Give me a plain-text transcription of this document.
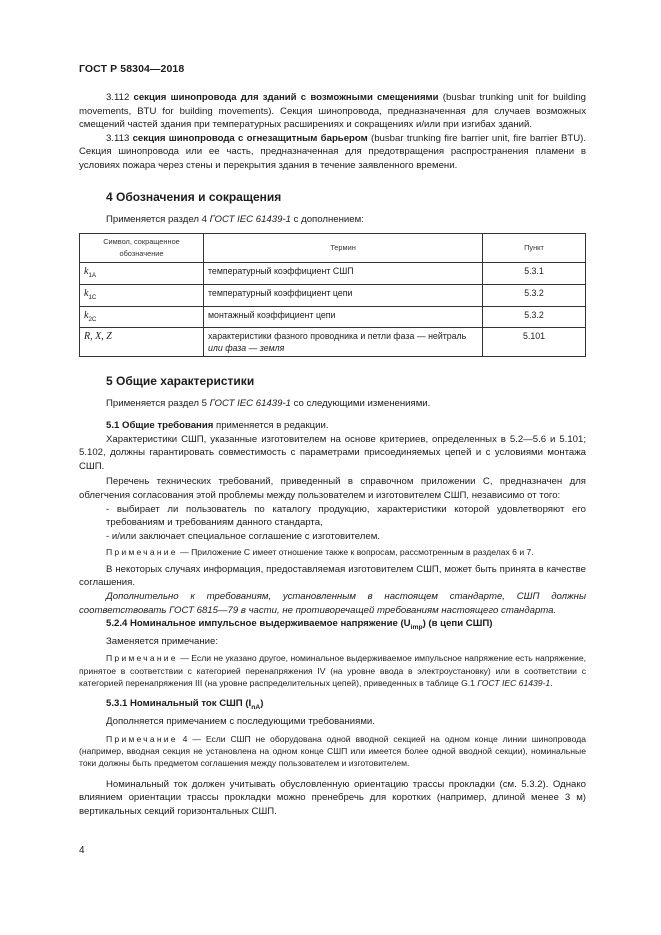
ГОСТ Р 58304—2018

3.112 секция шинопровода для зданий с возможными смещениями (busbar trunking unit for building movements, BTU for building movements). Секция шинопровода, предназначенная для случаев возможных смещений частей здания при температурных расширениях и сокращениях и/или при изгибах зданий.

3.113 секция шинопровода с огнезащитным барьером (busbar trunking fire barrier unit, fire barrier BTU). Секция шинопровода или ее часть, предназначенная для предотвращения распространения пламени в условиях пожара через стены и перекрытия здания в течение заявленного времени.

4 Обозначения и сокращения

Применяется раздел 4 ГОСТ IEC 61439-1 с дополнением:

Символ, сокращенное обозначение	Термин	Пункт
$k_{1A}$	температурный коэффициент СШП	5.3.1
$k_{1C}$	температурный коэффициент цепи	5.3.2
$k_{2C}$	монтажный коэффициент цепи	5.3.2
R, X, Z	характеристики фазного проводника и петли фаза — нейтраль или фаза — земля	5.101
5 Общие характеристики

Применяется раздел 5 ГОСТ IEC 61439-1 со следующими изменениями.

5.1 Общие требования применяется в редакции.

Характеристики СШП, указанные изготовителем на основе критериев, определенных в 5.2—5.6 и 5.101; 5.102, должны гарантировать совместимость с параметрами присоединяемых цепей и с условиями монтажа СШП.

Перечень технических требований, приведенный в справочном приложении С, предназначен для облегчения согласования этой проблемы между пользователем и изготовителем СШП, независимо от того:

- выбирает ли пользователь по каталогу продукцию, характеристики которой удовлетворяют его требованиям и требованиям данного стандарта,

- и/или заключает специальное соглашение с изготовителем.

Примечание — Приложение С имеет отношение также к вопросам, рассмотренным в разделах 6 и 7.

В некоторых случаях информация, предоставляемая изготовителем СШП, может быть принята в качестве соглашения.

Дополнительно к требованиям, установленным в настоящем стандарте, СШП должны соответствовать ГОСТ 6815—79 в части, не противоречащей требованиям настоящего стандарта.

5.2.4 Номинальное импульсное выдерживаемое напряжение $(U_{imp})$ (в цепи СШП)

Заменяется примечание:

Примечание — Если не указано другое, номинальное выдерживаемое импульсное напряжение есть напряжение, принятое в соответствии с категорией перенапряжения IV (на уровне ввода в электроустановку) или в соответствии с категорией перенапряжения III (на уровне распределительных цепей), приведенных в таблице G.1 ГОСТ IEC 61439-1.

5.3.1 Номинальный ток СШП $(I_{nA})$

Дополняется примечанием с последующими требованиями.

Примечание 4 — Если СШП не оборудована одной вводной секцией на одном конце линии шинопровода (например, вводная секция не установлена на одном конце СШП или имеется более одной вводной секции), номинальные токи должны быть предметом соглашения между пользователем и изготовителем.

Номинальный ток должен учитывать обусловленную ориентацию трассы прокладки (см. 5.3.2). Однако влиянием ориентации трассы прокладки можно пренебречь для коротких (например, длиной менее 3 м) вертикальных секций горизонтальных СШП.

4
